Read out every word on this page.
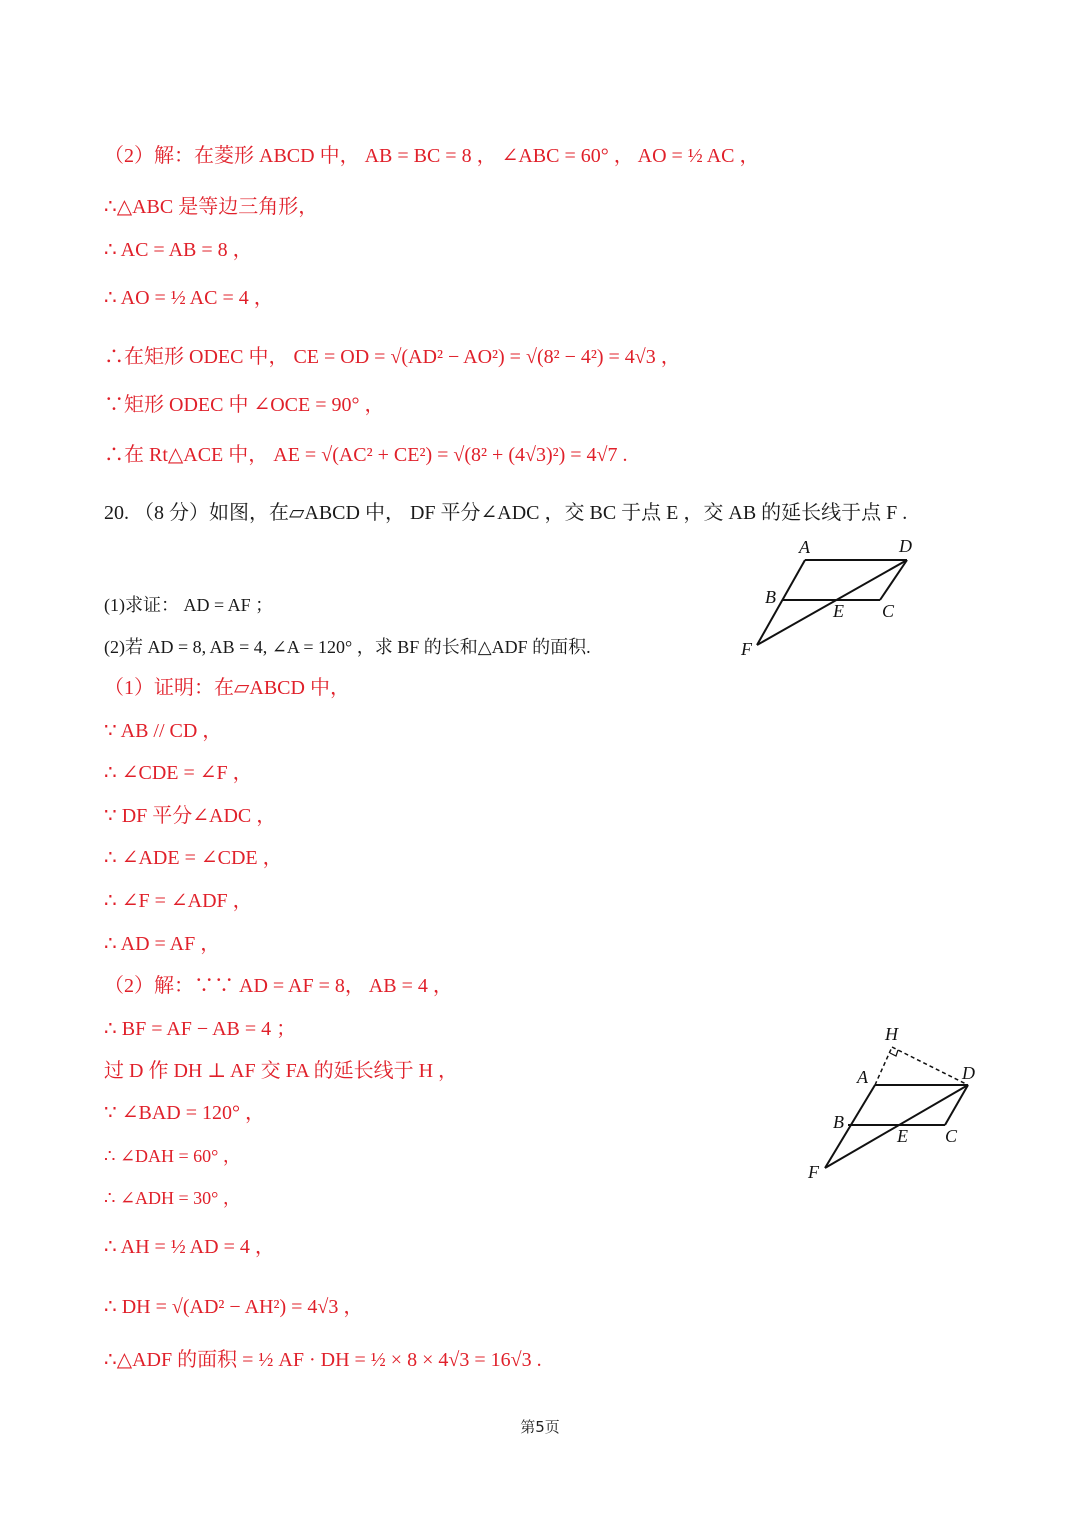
（2）解：在菱形 ABCD 中， AB = BC = 8 ， ∠ABC = 60° ， AO = ½ AC ，
∴△ABC 是等边三角形，
∴ AC = AB = 8 ，
∴ AO = ½ AC = 4 ，
∴在矩形 ODEC 中， CE = OD = √(AD² − AO²) = √(8² − 4²) = 4√3 ，
∵矩形 ODEC 中 ∠OCE = 90° ，
∴在 Rt△ACE 中， AE = √(AC² + CE²) = √(8² + (4√3)²) = 4√7 .
20. （8 分）如图，在▱ABCD 中， DF 平分∠ADC ，交 BC 于点 E ，交 AB 的延长线于点 F .
(1)求证： AD = AF ；
(2)若 AD = 8, AB = 4, ∠A = 120° ，求 BF 的长和△ADF 的面积.
A	D
B
E C
F
（1）证明：在▱ABCD 中，
∵ AB // CD ，
∴ ∠CDE = ∠F ，
∵ DF 平分∠ADC ，
∴ ∠ADE = ∠CDE ，
∴ ∠F = ∠ADF ，
∴ AD = AF ，
（2）解：∵∵ AD = AF = 8， AB = 4 ，
∴ BF = AF − AB = 4 ；
过 D 作 DH ⊥ AF 交 FA 的延长线于 H ，
∵ ∠BAD = 120° ，
∴ ∠DAH = 60° ，
∴ ∠ADH = 30° ，
∴ AH = ½ AD = 4 ，
∴ DH = √(AD² − AH²) = 4√3 ，
∴△ADF 的面积 = ½ AF · DH = ½ × 8 × 4√3 = 16√3 .
H
A	D
B
E C
F
第5页
